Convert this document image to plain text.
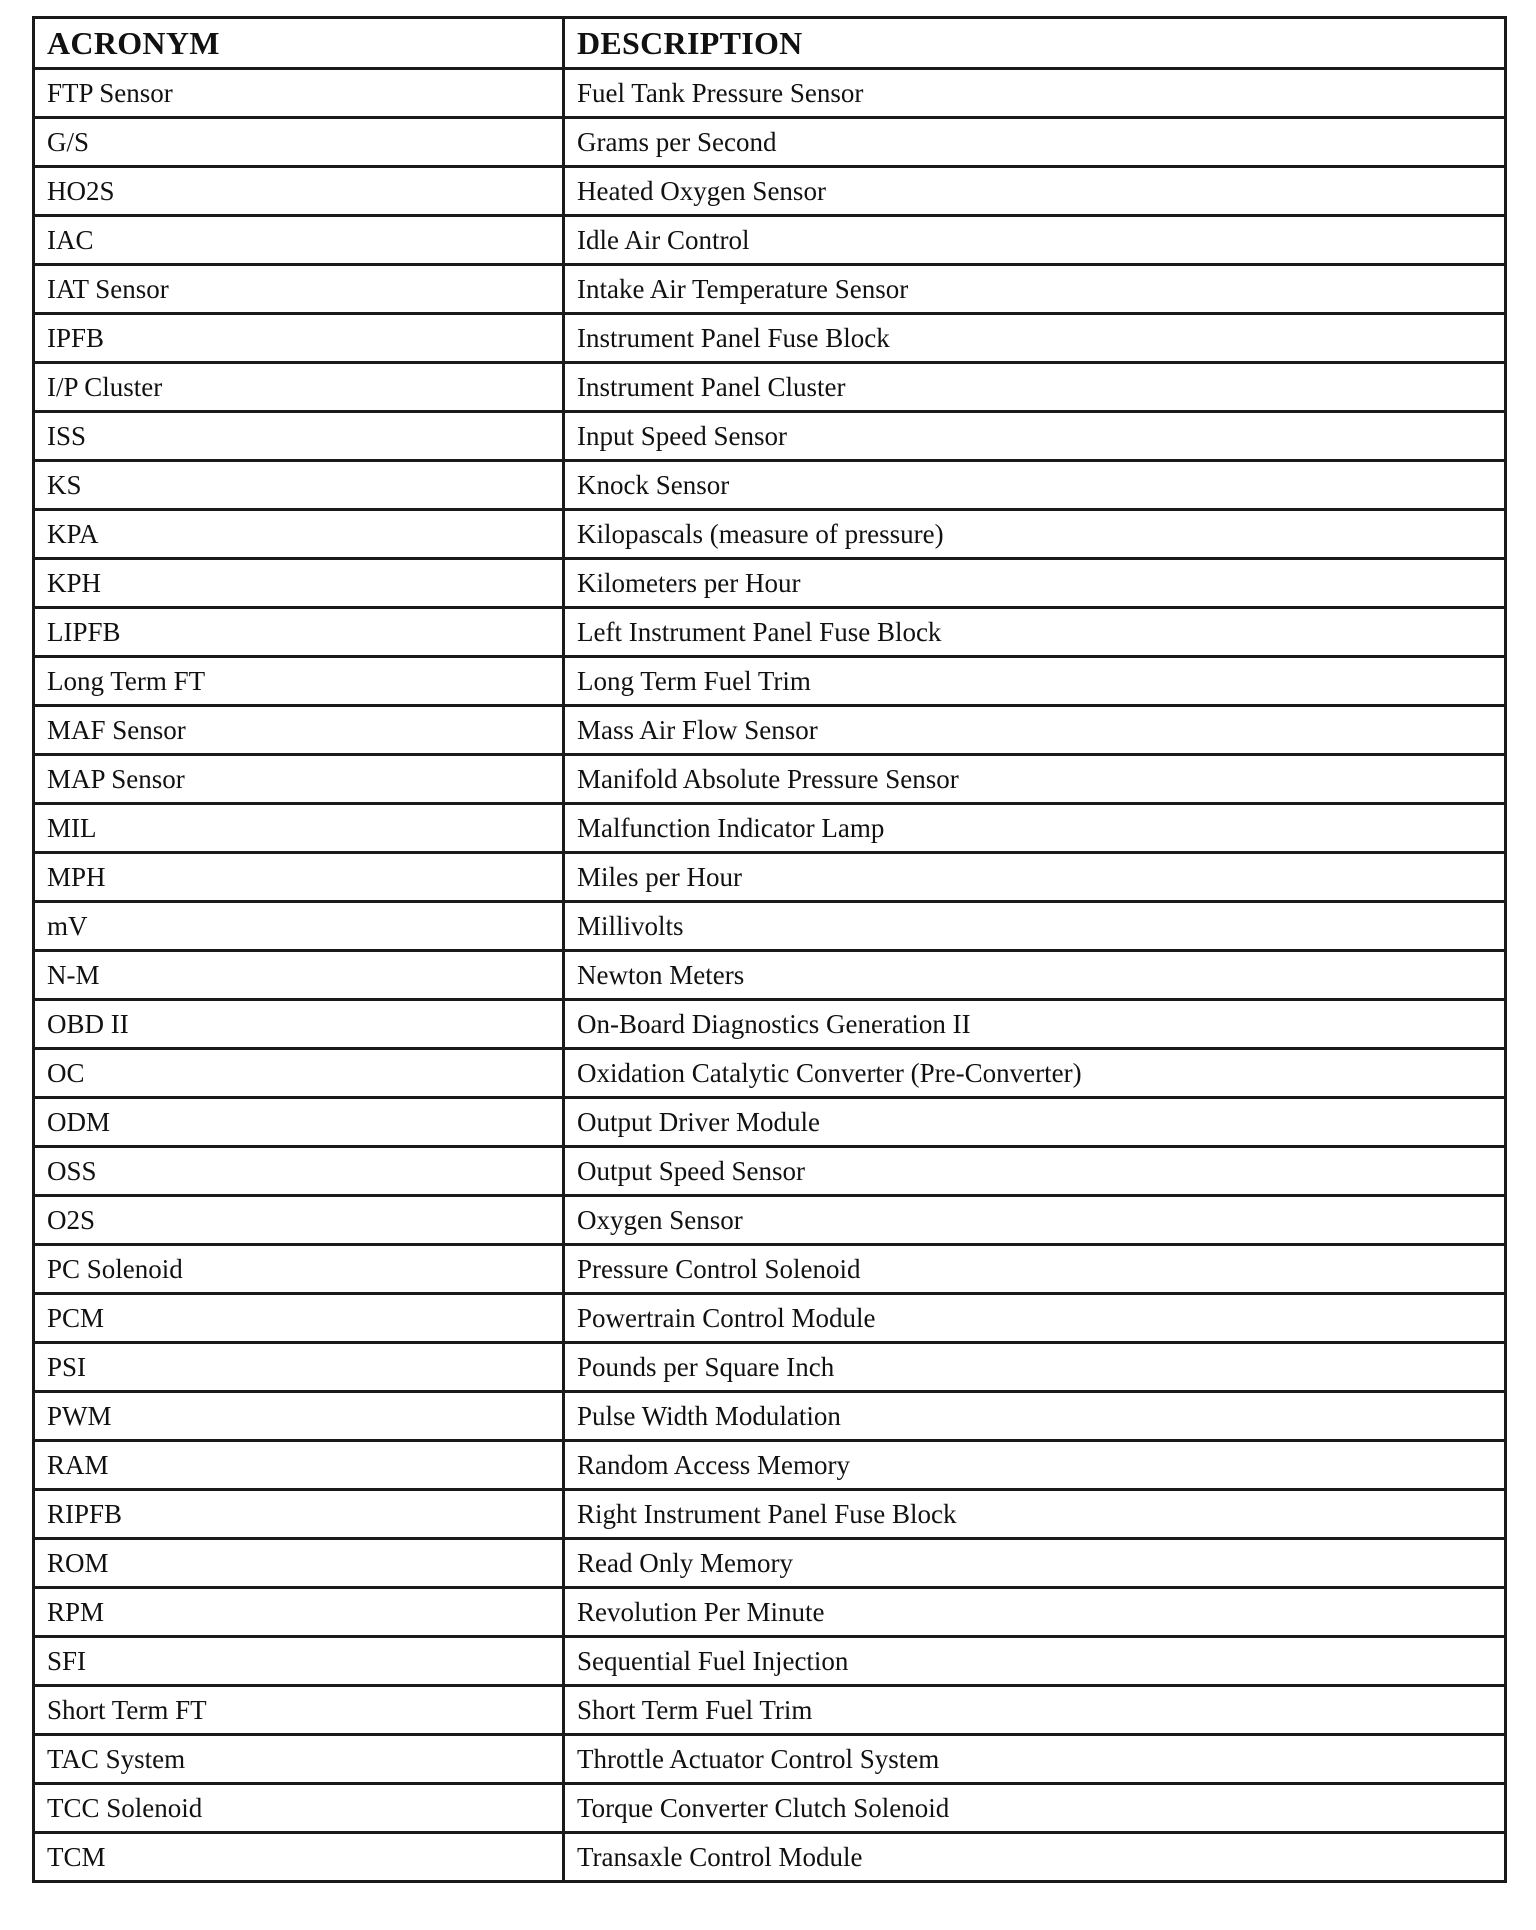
ACRONYM	DESCRIPTION
FTP Sensor	Fuel Tank Pressure Sensor
G/S	Grams per Second
HO2S	Heated Oxygen Sensor
IAC	Idle Air Control
IAT Sensor	Intake Air Temperature Sensor
IPFB	Instrument Panel Fuse Block
I/P Cluster	Instrument Panel Cluster
ISS	Input Speed Sensor
KS	Knock Sensor
KPA	Kilopascals (measure of pressure)
KPH	Kilometers per Hour
LIPFB	Left Instrument Panel Fuse Block
Long Term FT	Long Term Fuel Trim
MAF Sensor	Mass Air Flow Sensor
MAP Sensor	Manifold Absolute Pressure Sensor
MIL	Malfunction Indicator Lamp
MPH	Miles per Hour
mV	Millivolts
N-M	Newton Meters
OBD II	On-Board Diagnostics Generation II
OC	Oxidation Catalytic Converter (Pre-Converter)
ODM	Output Driver Module
OSS	Output Speed Sensor
O2S	Oxygen Sensor
PC Solenoid	Pressure Control Solenoid
PCM	Powertrain Control Module
PSI	Pounds per Square Inch
PWM	Pulse Width Modulation
RAM	Random Access Memory
RIPFB	Right Instrument Panel Fuse Block
ROM	Read Only Memory
RPM	Revolution Per Minute
SFI	Sequential Fuel Injection
Short Term FT	Short Term Fuel Trim
TAC System	Throttle Actuator Control System
TCC Solenoid	Torque Converter Clutch Solenoid
TCM	Transaxle Control Module
